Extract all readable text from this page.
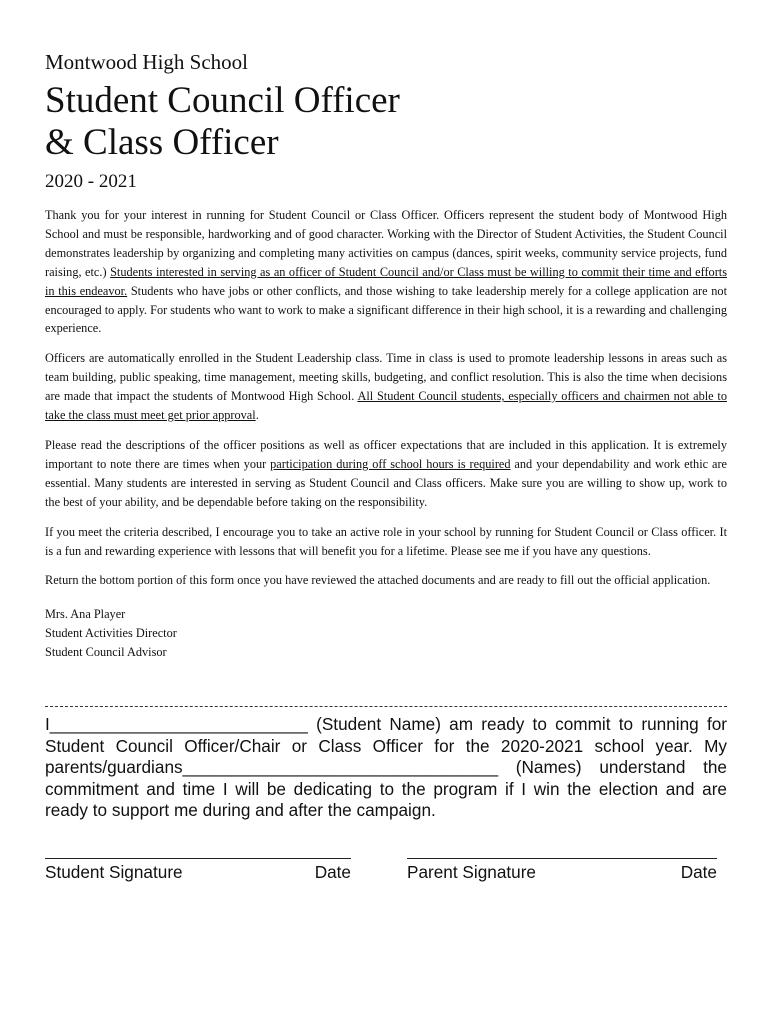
Montwood High School
Student Council Officer
& Class Officer
2020 - 2021

Thank you for your interest in running for Student Council or Class Officer. Officers represent the student body of Montwood High School and must be responsible, hardworking and of good character. Working with the Director of Student Activities, the Student Council demonstrates leadership by organizing and completing many activities on campus (dances, spirit weeks, community service projects, fund raising, etc.) Students interested in serving as an officer of Student Council and/or Class must be willing to commit their time and efforts in this endeavor. Students who have jobs or other conflicts, and those wishing to take leadership merely for a college application are not encouraged to apply. For students who want to work to make a significant difference in their high school, it is a rewarding and challenging experience.

Officers are automatically enrolled in the Student Leadership class. Time in class is used to promote leadership lessons in areas such as team building, public speaking, time management, meeting skills, budgeting, and conflict resolution. This is also the time when decisions are made that impact the students of Montwood High School. All Student Council students, especially officers and chairmen not able to take the class must meet get prior approval.

Please read the descriptions of the officer positions as well as officer expectations that are included in this application. It is extremely important to note there are times when your participation during off school hours is required and your dependability and work ethic are essential. Many students are interested in serving as Student Council and Class officers. Make sure you are willing to show up, work to the best of your ability, and be dependable before taking on the responsibility.

If you meet the criteria described, I encourage you to take an active role in your school by running for Student Council or Class officer. It is a fun and rewarding experience with lessons that will benefit you for a lifetime. Please see me if you have any questions.

Return the bottom portion of this form once you have reviewed the attached documents and are ready to fill out the official application.

Mrs. Ana Player
Student Activities Director
Student Council Advisor
I___________________________ (Student Name) am ready to commit to running for Student Council Officer/Chair or Class Officer for the 2020-2021 school year. My parents/guardians_________________________________ (Names) understand the commitment and time I will be dedicating to the program if I win the election and are ready to support me during and after the campaign.
Student Signature	Date	Parent Signature	Date
